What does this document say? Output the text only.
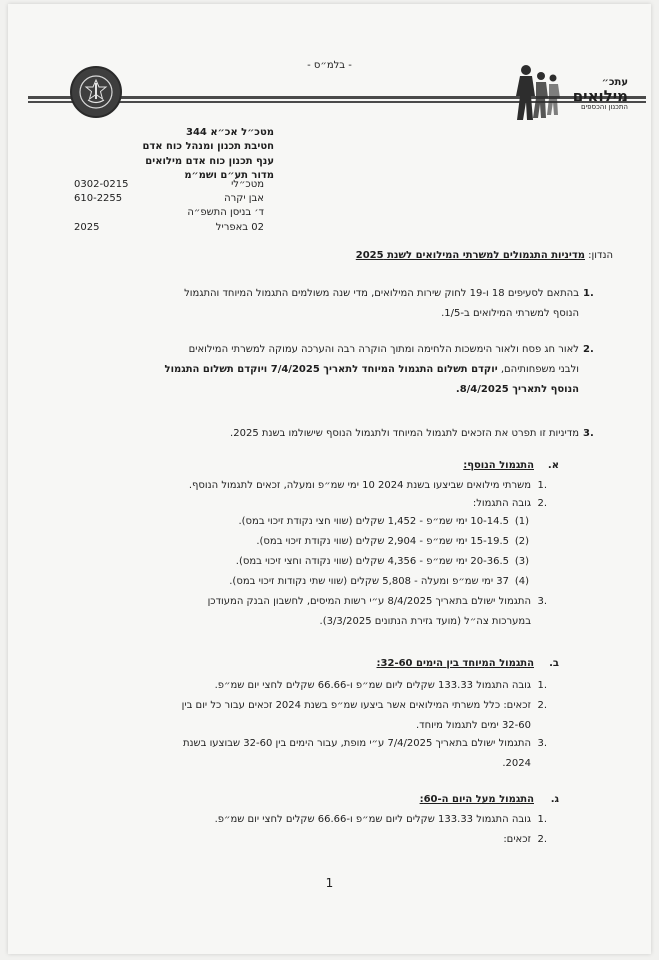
- בלמ״ס -
עתכ״
מילואים
התכנון והכספים
מטכ״ל אכ״א 344
חטיבת תכנון ומנהל כוח אדם
ענף תכנון כוח אדם מילואים
מדור תע״ם ושמ״מ
0302-0215	מטכ״לי
610-2255	אבן יקרה
ד׳ בניסן התשפ״ה
2025	02 באפריל
הנדון: מדיניות התגמולים למשרתי המילואים לשנת 2025
בהתאם לסעיפים 18 ו-19 לחוק שירות המילואים, מדי שנה משולמים התגמול המיוחד והתגמול
הנוסף למשרתי המילואים ב-1/5.
1.
לאור חג פסח ולאור הימשכות הלחימה ומתוך הוקרה רבה והערכה עמוקה למשרתי המילואים
ולבני משפחותיהם, יוקדם תשלום התגמול המיוחד לתאריך 7/4/2025 ויוקדם תשלום התגמול
הנוסף לתאריך 8/4/2025.
2.
מדיניות זו תפרט את הזכאים לתגמול המיוחד ולתגמול הנוסף שישולמו בשנת 2025. 3.
א.
התגמול הנוסף:
משרתי מילואים שביצעו בשנת 2024 10 ימי שמ״פ ומעלה, זכאים לתגמול הנוסף. 1.
גובה התגמול: 2.
10-14.5 ימי שמ״פ - 1,452 שקלים (שווי חצי נקודת זיכוי במס). (1)
15-19.5 ימי שמ״פ - 2,904 שקלים (שווי נקודת זיכוי במס). (2)
20-36.5 ימי שמ״פ - 4,356 שקלים (שווי נקודה וחצי זיכוי במס). (3)
37 ימי שמ״פ ומעלה - 5,808 שקלים (שווי שתי נקודות זיכוי במס). (4)
התגמול ישולם בתאריך 8/4/2025 ע״י רשות המיסים, לחשבון הבנק המעודכן
במערכות צה״ל (מועד גזירת הנתונים 3/3/2025).
3.
ב.
התגמול המיוחד בין הימים 32-60:
גובה התגמול 133.33 שקלים ליום שמ״פ ו-66.66 שקלים לחצי יום שמ״פ. 1.
זכאים: כלל משרתי המילואים אשר ביצעו שמ״פ בשנת 2024 זכאים עבור כל יום בין
32-60 ימים לתגמול מיוחד.
2.
התגמול ישולם בתאריך 7/4/2025 ע״י מופת, עבור הימים בין 32-60 שבוצעו בשנת
2024.
3.
ג.
התגמול מעל היום ה-60:
גובה התגמול 133.33 שקלים ליום שמ״פ ו-66.66 שקלים לחצי יום שמ״פ. 1.
זכאים: 2.
1
